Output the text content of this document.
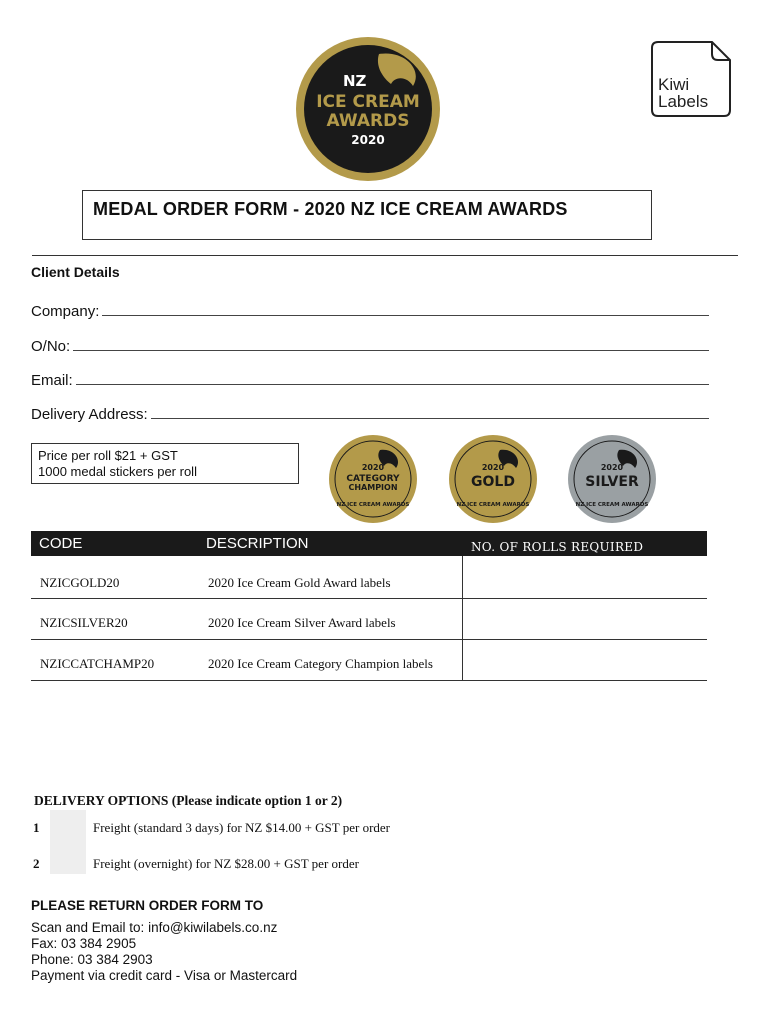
NZ
ICE CREAM
AWARDS
2020
Kiwi
Labels
MEDAL ORDER FORM - 2020 NZ ICE CREAM AWARDS
Client Details
Company:
O/No:
Email:
Delivery Address:
Price per roll $21 + GST
1000 medal stickers per roll	2020
CATEGORY
CHAMPION
NZ ICE CREAM AWARDS
2020
GOLD
NZ ICE CREAM AWARDS
2020
SILVER
NZ ICE CREAM AWARDS
CODE	DESCRIPTION	NO. OF ROLLS REQUIRED
NZICGOLD20	2020 Ice Cream Gold Award labels
NZICSILVER20	2020 Ice Cream Silver Award labels
NZICCATCHAMP20	2020 Ice Cream Category Champion labels
DELIVERY OPTIONS (Please indicate option 1 or 2)
1	Freight (standard 3 days) for NZ $14.00 + GST per order
2	Freight (overnight) for NZ $28.00 + GST per order
PLEASE RETURN ORDER FORM TO
Scan and Email to: info@kiwilabels.co.nz
Fax: 03 384 2905
Phone: 03 384 2903
Payment via credit card - Visa or Mastercard
